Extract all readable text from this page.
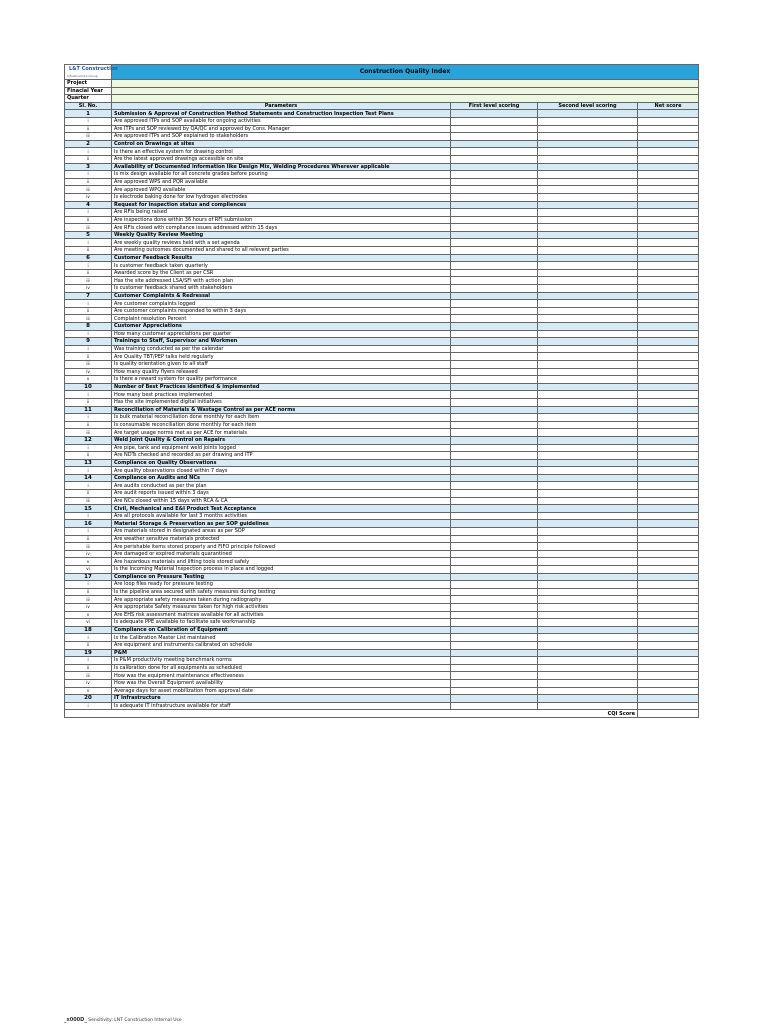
L&T Construction
Infrastructure Group	Construction Quality Index			
Project				
Finacial Year				
Quarter				
Sl. No.	Parameters	First level scoring	Second level scoring	Net score
1	Submission & Approval of Construction Method Statements and Construction Inspection Test Plans			
i	Are approved ITPs and SOP available for ongoing activities			
ii	Are ITPs and SOP reviewed by QA/QC and approved by Cons. Manager			
iii	Are approved ITPs and SOP explained to stakeholders			
2	Control on Drawings at sites			
i	Is there an effective system for drawing control			
ii	Are the latest approved drawings accessible on site			
3	Availability of Documented information like Design Mix, Welding Procedures Wherever applicable			
i	Is mix design available for all concrete grades before pouring			
ii	Are approved WPS and PQR available			
iii	Are approved WPQ available			
iv	Is electrode baking done for low hydrogen electrodes			
4	Request for inspection status and compliences			
i	Are RFIs being raised			
ii	Are inspections done within 36 hours of RFI submission			
iii	Are RFIs closed with compliance issues addressed within 15 days			
5	Weekly Quality Review Meeting			
i	Are weekly quality reviews held with a set agenda			
ii	Are meeting outcomes documented and shared to all relevent parties			
6	Customer Feedback Results			
i	Is customer feedback taken quarterly			
ii	Awarded score by the Client as per CSR			
iii	Has the site addressed LSA/SFI with action plan			
iv	Is customer feedback shared with stakeholders			
7	Customer Complaints & Redressal			
i	Are customer complaints logged			
ii	Are customer complaints responded to within 3 days			
iii	Complaint resolution Percent			
8	Customer Appreciations			
i	How many customer appreciations per quarter			
9	Trainings to Staff, Supervisor and Workmen			
i	Was training conducted as per the calendar			
ii	Are Quality TBT/PEP talks held regularly			
iii	Is quality orientation given to all staff			
iv	How many quality flyers released			
v	Is there a reward system for quality performance			
10	Number of Best Practices identified & implemented			
i	How many best practices implemented			
ii	Has the site implemented digital initiatives			
11	Reconciliation of Materials & Wastage Control as per ACE norms			
i	Is bulk material reconciliation done monthly for each item			
ii	Is consumable reconciliation done monthly for each item			
iii	Are target usage norms met as per ACE for materials			
12	Weld Joint Quality & Control on Repairs			
i	Are pipe, tank and equipment weld joints logged			
ii	Are NDTs checked and recorded as per drawing and ITP			
13	Compliance on Quality Observations			
i	Are quality observations closed within 7 days			
14	Compliance on Audits and NCs			
i	Are audits conducted as per the plan			
ii	Are audit reports issued within 3 days			
iii	Are NCs closed within 15 days with RCA & CA			
15	Civil, Mechanical and E&I Product Test Acceptance			
i	Are all protocols available for last 3 months activities			
16	Material Storage & Preservation as per SOP guidelines			
i	Are materials stored in designated areas as per SOP			
ii	Are weather sensitive materials protected			
iii	Are perishable items stored properly and FIFO principle followed			
iv	Are damaged or expired materials quarantined			
v	Are hazardous materials and lifting tools stored safely			
vi	Is the Incoming Material Inspection process in place and logged			
17	Compliance on Pressure Testing			
i	Are loop files ready for pressure testing			
ii	Is the pipeline area secured with safety measures during testing			
iii	Are appropriate safety measures taken during radiography			
iv	Are appropriate Safety measures taken for high risk activities			
v	Are EHS risk assessment matrices available for all activities			
vi	Is adequate PPE available to facilitate safe workmanship			
18	Compliance on Calibration of Equipment			
i	Is the Calibration Master List maintained			
ii	Are equipment and instruments calibrated on schedule			
19	P&M			
i	Is P&M productivity meeting benchmark norms			
ii	Is calibration done for all equipments as scheduled			
iii	How was the equipment maintenance effectiveness			
iv	How was the Overall Equipment availability			
v	Average days for asset mobilization from approval date			
20	IT Infrastructure			
i	Is adequate IT infrastructure available for staff			
CQI Score				
_x000D_ Sensitivity: LNT Construction Internal Use
